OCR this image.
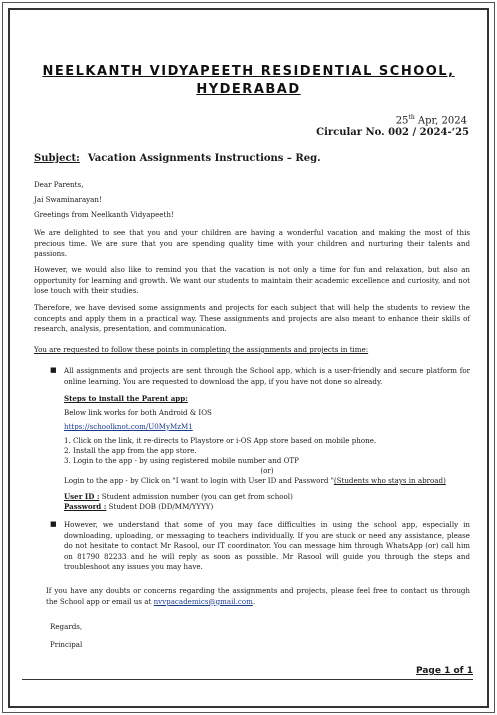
NEELKANTH VIDYAPEETH RESIDENTIAL SCHOOL,
HYDERABAD
25th Apr, 2024
Circular No. 002 / 2024-‘25
Subject: Vacation Assignments Instructions – Reg.
Dear Parents,
Jai Swaminarayan!
Greetings from Neelkanth Vidyapeeth!
We are delighted to see that you and your children are having a wonderful vacation and making the most of this precious time. We are sure that you are spending quality time with your children and nurturing their talents and passions.
However, we would also like to remind you that the vacation is not only a time for fun and relaxation, but also an opportunity for learning and growth. We want our students to maintain their academic excellence and curiosity, and not lose touch with their studies.
Therefore, we have devised some assignments and projects for each subject that will help the students to review the concepts and apply them in a practical way. These assignments and projects are also meant to enhance their skills of research, analysis, presentation, and communication.
You are requested to follow these points in completing the assignments and projects in time:
■ All assignments and projects are sent through the School app, which is a user-friendly and secure platform for online learning. You are requested to download the app, if you have not done so already.
Steps to install the Parent app:
Below link works for both Android & IOS
https://schoolknot.com/U0MyMzM1
1. Click on the link, it re-directs to Playstore or i-OS App store based on mobile phone.
2. Install the app from the app store.
3. Login to the app - by using registered mobile number and OTP
(or)
Login to the app - by Click on "I want to login with User ID and Password "(Students who stays in abroad)
User ID : Student admission number (you can get from school)
Password : Student DOB (DD/MM/YYYY)
■ However, we understand that some of you may face difficulties in using the school app, especially in downloading, uploading, or messaging to teachers individually. If you are stuck or need any assistance, please do not hesitate to contact Mr Rasool, our IT coordinator. You can message him through WhatsApp (or) call him on 81790 82233 and he will reply as soon as possible. Mr Rasool will guide you through the steps and troubleshoot any issues you may have.
If you have any doubts or concerns regarding the assignments and projects, please feel free to contact us through the School app or email us at nvvpacademics@gmail.com.
Regards,
Principal
Page 1 of 1
